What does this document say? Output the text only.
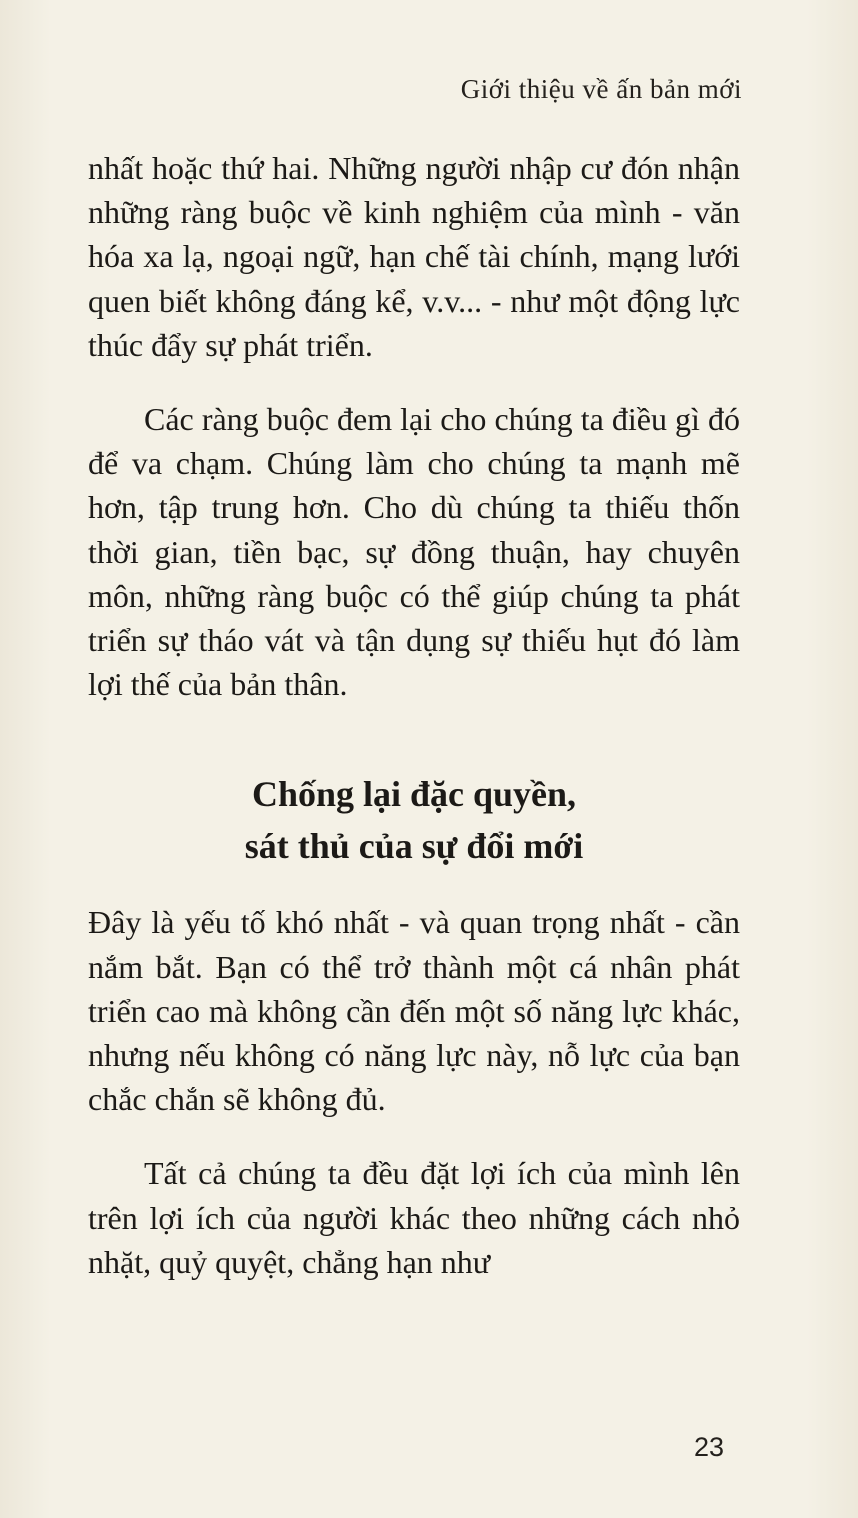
Giới thiệu về ấn bản mới

nhất hoặc thứ hai. Những người nhập cư đón nhận những ràng buộc về kinh nghiệm của mình - văn hóa xa lạ, ngoại ngữ, hạn chế tài chính, mạng lưới quen biết không đáng kể, v.v... - như một động lực thúc đẩy sự phát triển.

Các ràng buộc đem lại cho chúng ta điều gì đó để va chạm. Chúng làm cho chúng ta mạnh mẽ hơn, tập trung hơn. Cho dù chúng ta thiếu thốn thời gian, tiền bạc, sự đồng thuận, hay chuyên môn, những ràng buộc có thể giúp chúng ta phát triển sự tháo vát và tận dụng sự thiếu hụt đó làm lợi thế của bản thân.

Chống lại đặc quyền,
sát thủ của sự đổi mới

Đây là yếu tố khó nhất - và quan trọng nhất - cần nắm bắt. Bạn có thể trở thành một cá nhân phát triển cao mà không cần đến một số năng lực khác, nhưng nếu không có năng lực này, nỗ lực của bạn chắc chắn sẽ không đủ.

Tất cả chúng ta đều đặt lợi ích của mình lên trên lợi ích của người khác theo những cách nhỏ nhặt, quỷ quyệt, chẳng hạn như

23
